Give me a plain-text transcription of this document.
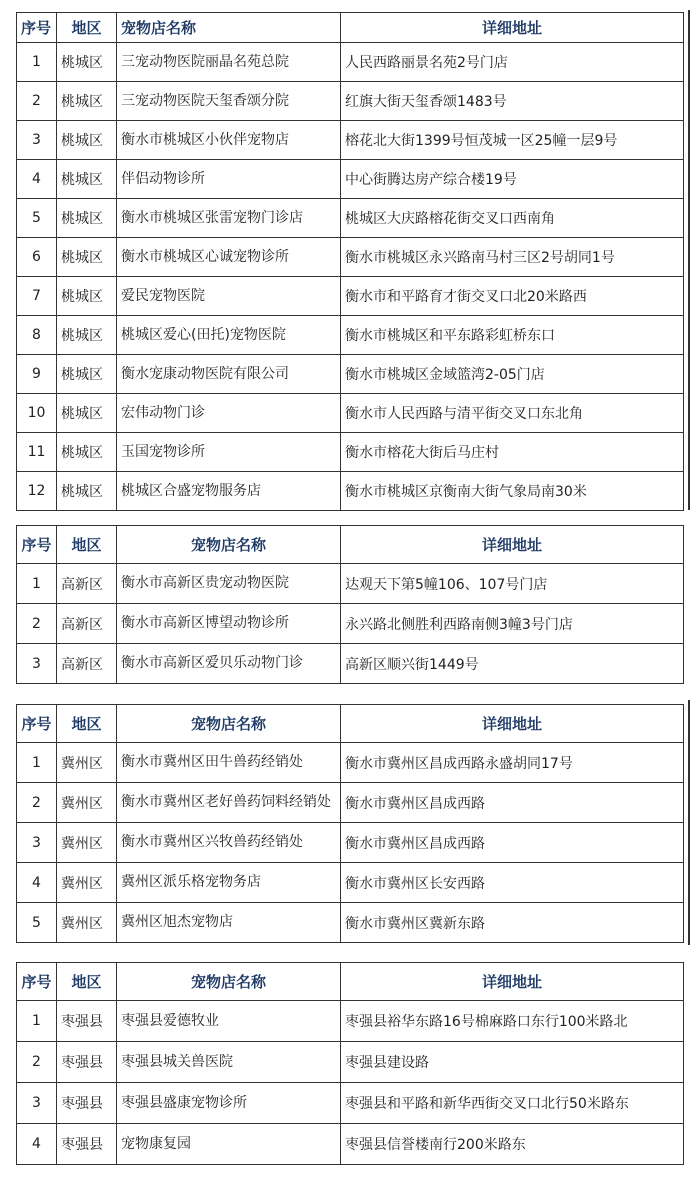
序号	地区	宠物店名称	详细地址
1	桃城区	三宠动物医院丽晶名苑总院	人民西路丽景名苑2号门店
2	桃城区	三宠动物医院天玺香颂分院	红旗大街天玺香颂1483号
3	桃城区	衡水市桃城区小伙伴宠物店	榕花北大街1399号恒茂城一区25幢一层9号
4	桃城区	伴侣动物诊所	中心街腾达房产综合楼19号
5	桃城区	衡水市桃城区张雷宠物门诊店	桃城区大庆路榕花街交叉口西南角
6	桃城区	衡水市桃城区心诚宠物诊所	衡水市桃城区永兴路南马村三区2号胡同1号
7	桃城区	爱民宠物医院	衡水市和平路育才街交叉口北20米路西
8	桃城区	桃城区爱心(田托)宠物医院	衡水市桃城区和平东路彩虹桥东口
9	桃城区	衡水宠康动物医院有限公司	衡水市桃城区金域篮湾2-05门店
10	桃城区	宏伟动物门诊	衡水市人民西路与清平街交叉口东北角
11	桃城区	玉国宠物诊所	衡水市榕花大街后马庄村
12	桃城区	桃城区合盛宠物服务店	衡水市桃城区京衡南大街气象局南30米
序号	地区	宠物店名称	详细地址
1	高新区	衡水市高新区贵宠动物医院	达观天下第5幢106、107号门店
2	高新区	衡水市高新区博望动物诊所	永兴路北侧胜利西路南侧3幢3号门店
3	高新区	衡水市高新区爱贝乐动物门诊	高新区顺兴街1449号
序号	地区	宠物店名称	详细地址
1	冀州区	衡水市冀州区田牛兽药经销处	衡水市冀州区昌成西路永盛胡同17号
2	冀州区	衡水市冀州区老好兽药饲料经销处	衡水市冀州区昌成西路
3	冀州区	衡水市冀州区兴牧兽药经销处	衡水市冀州区昌成西路
4	冀州区	冀州区派乐格宠物务店	衡水市冀州区长安西路
5	冀州区	冀州区旭杰宠物店	衡水市冀州区冀新东路
序号	地区	宠物店名称	详细地址
1	枣强县	枣强县爱德牧业	枣强县裕华东路16号棉麻路口东行100米路北
2	枣强县	枣强县城关兽医院	枣强县建设路
3	枣强县	枣强县盛康宠物诊所	枣强县和平路和新华西街交叉口北行50米路东
4	枣强县	宠物康复园	枣强县信誉楼南行200米路东
